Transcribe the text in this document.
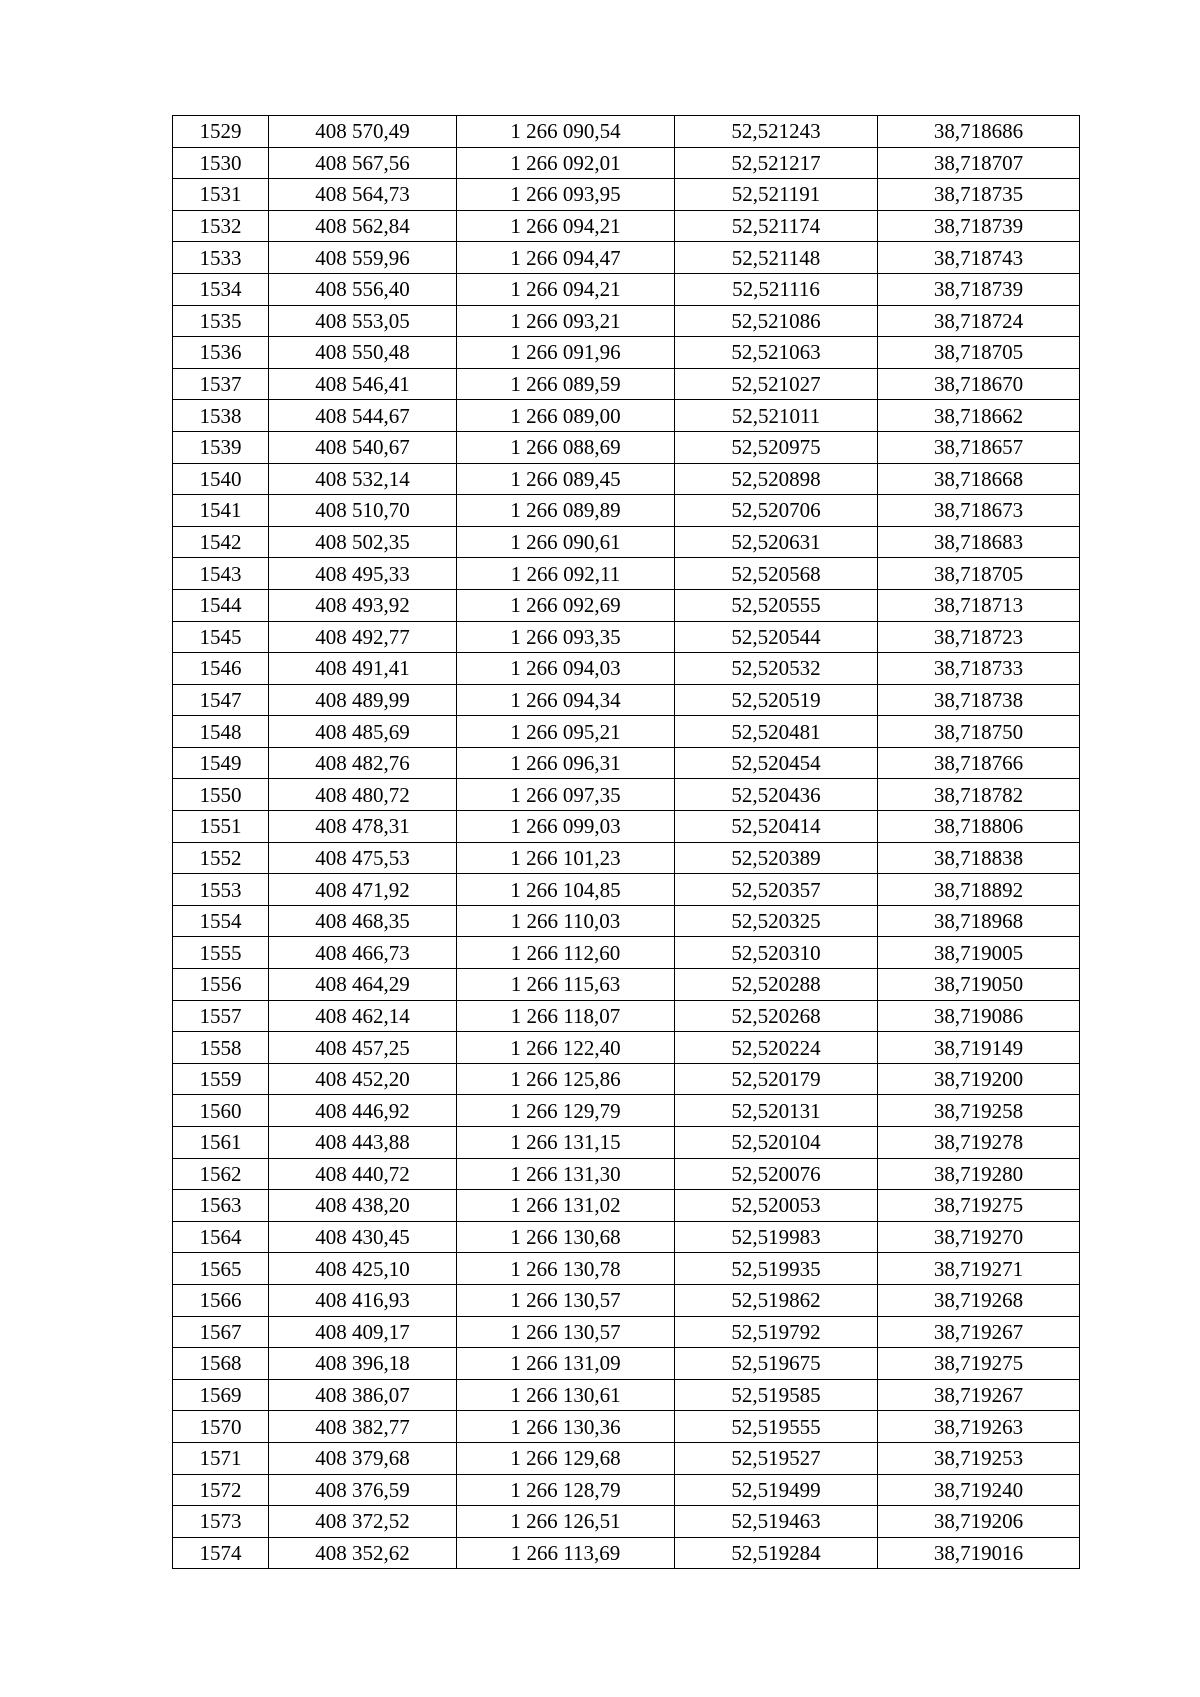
1529	408 570,49	1 266 090,54	52,521243	38,718686
1530	408 567,56	1 266 092,01	52,521217	38,718707
1531	408 564,73	1 266 093,95	52,521191	38,718735
1532	408 562,84	1 266 094,21	52,521174	38,718739
1533	408 559,96	1 266 094,47	52,521148	38,718743
1534	408 556,40	1 266 094,21	52,521116	38,718739
1535	408 553,05	1 266 093,21	52,521086	38,718724
1536	408 550,48	1 266 091,96	52,521063	38,718705
1537	408 546,41	1 266 089,59	52,521027	38,718670
1538	408 544,67	1 266 089,00	52,521011	38,718662
1539	408 540,67	1 266 088,69	52,520975	38,718657
1540	408 532,14	1 266 089,45	52,520898	38,718668
1541	408 510,70	1 266 089,89	52,520706	38,718673
1542	408 502,35	1 266 090,61	52,520631	38,718683
1543	408 495,33	1 266 092,11	52,520568	38,718705
1544	408 493,92	1 266 092,69	52,520555	38,718713
1545	408 492,77	1 266 093,35	52,520544	38,718723
1546	408 491,41	1 266 094,03	52,520532	38,718733
1547	408 489,99	1 266 094,34	52,520519	38,718738
1548	408 485,69	1 266 095,21	52,520481	38,718750
1549	408 482,76	1 266 096,31	52,520454	38,718766
1550	408 480,72	1 266 097,35	52,520436	38,718782
1551	408 478,31	1 266 099,03	52,520414	38,718806
1552	408 475,53	1 266 101,23	52,520389	38,718838
1553	408 471,92	1 266 104,85	52,520357	38,718892
1554	408 468,35	1 266 110,03	52,520325	38,718968
1555	408 466,73	1 266 112,60	52,520310	38,719005
1556	408 464,29	1 266 115,63	52,520288	38,719050
1557	408 462,14	1 266 118,07	52,520268	38,719086
1558	408 457,25	1 266 122,40	52,520224	38,719149
1559	408 452,20	1 266 125,86	52,520179	38,719200
1560	408 446,92	1 266 129,79	52,520131	38,719258
1561	408 443,88	1 266 131,15	52,520104	38,719278
1562	408 440,72	1 266 131,30	52,520076	38,719280
1563	408 438,20	1 266 131,02	52,520053	38,719275
1564	408 430,45	1 266 130,68	52,519983	38,719270
1565	408 425,10	1 266 130,78	52,519935	38,719271
1566	408 416,93	1 266 130,57	52,519862	38,719268
1567	408 409,17	1 266 130,57	52,519792	38,719267
1568	408 396,18	1 266 131,09	52,519675	38,719275
1569	408 386,07	1 266 130,61	52,519585	38,719267
1570	408 382,77	1 266 130,36	52,519555	38,719263
1571	408 379,68	1 266 129,68	52,519527	38,719253
1572	408 376,59	1 266 128,79	52,519499	38,719240
1573	408 372,52	1 266 126,51	52,519463	38,719206
1574	408 352,62	1 266 113,69	52,519284	38,719016
